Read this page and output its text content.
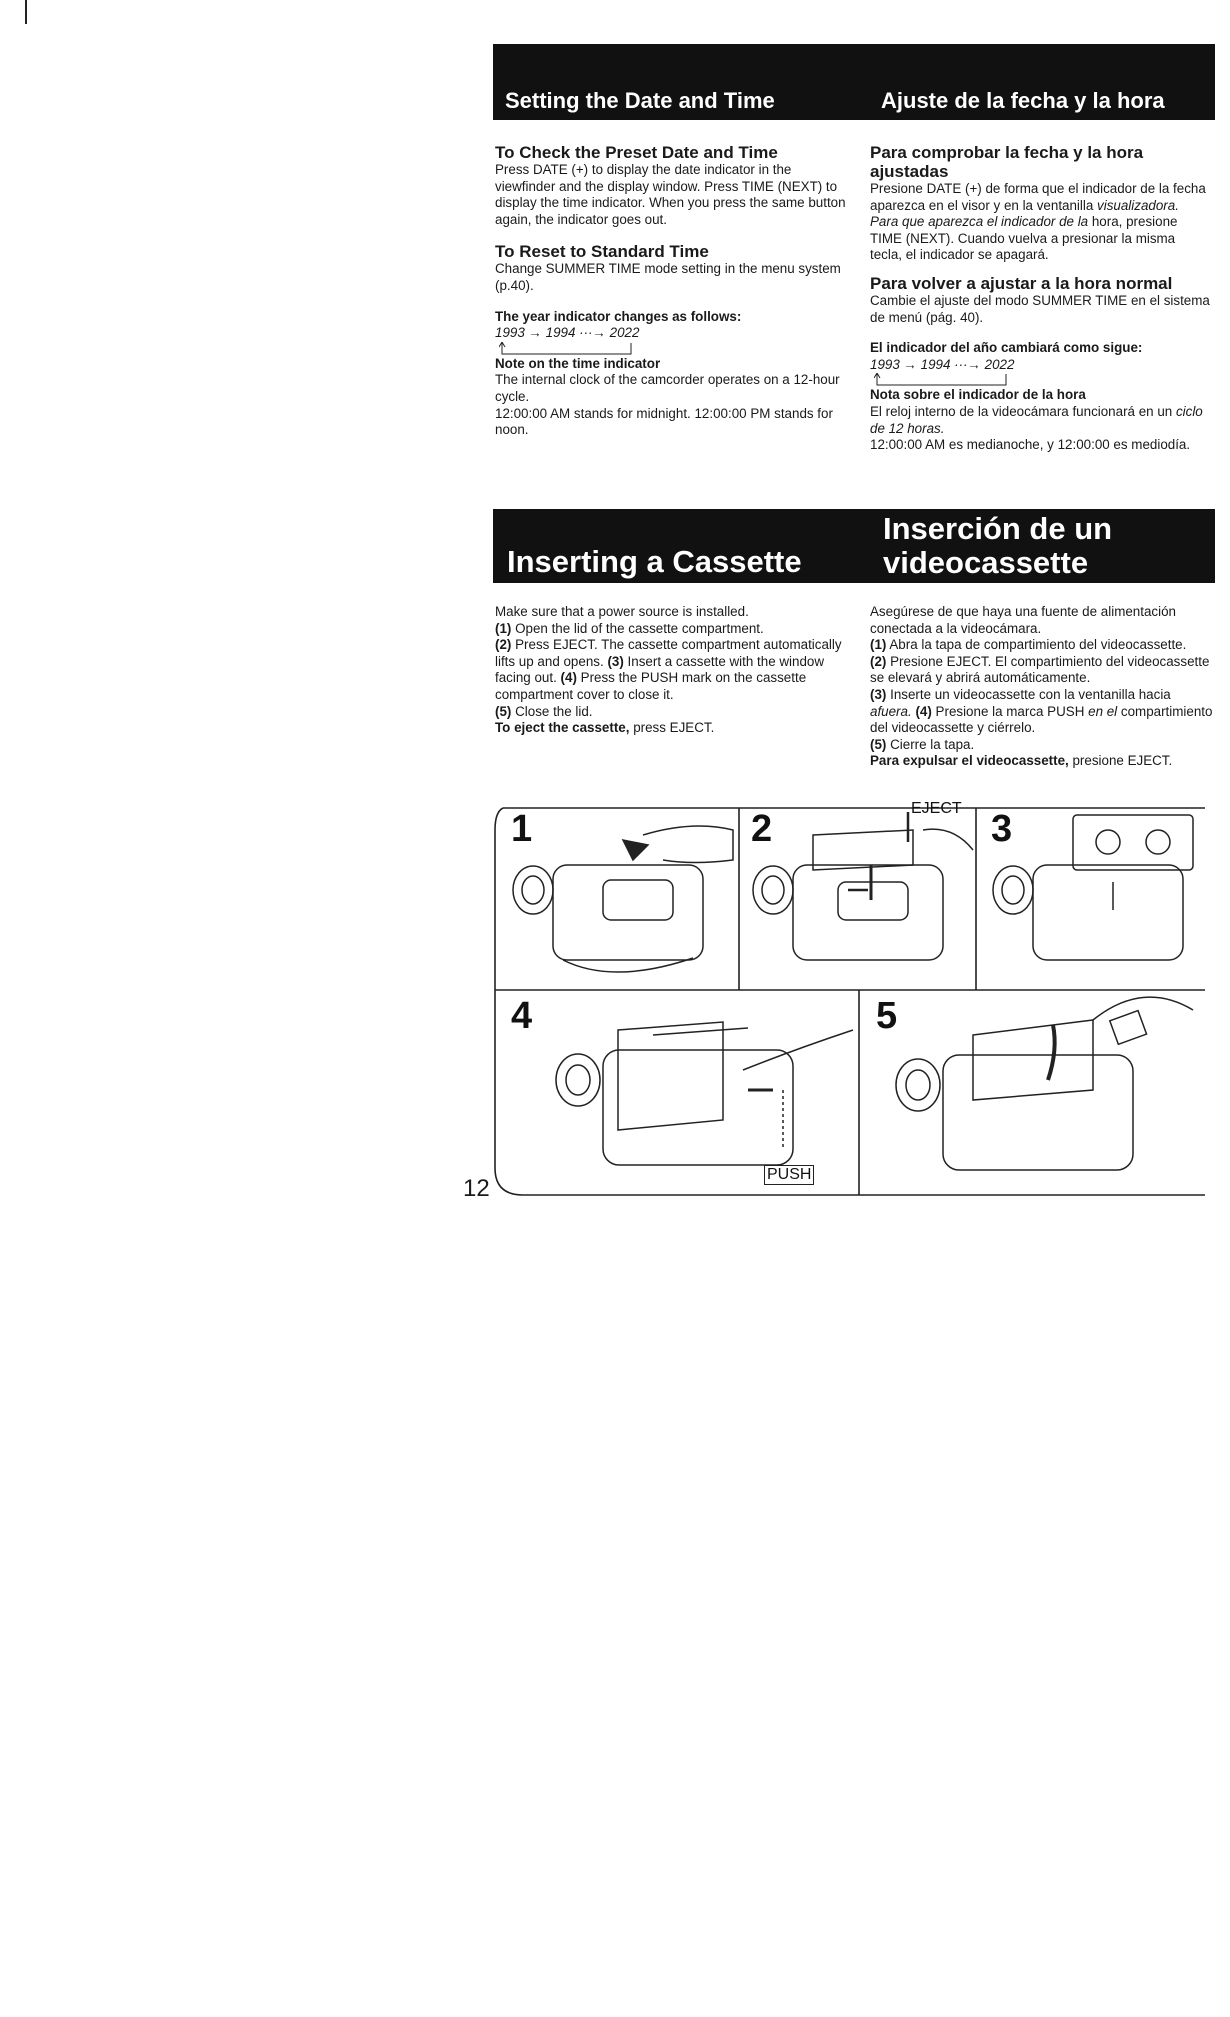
Setting the Date and Time	Ajuste de la fecha y la hora
To Check the Preset Date and Time

Press DATE (+) to display the date indicator in the viewfinder and the display window. Press TIME (NEXT) to display the time indicator. When you press the same button again, the indicator goes out.

To Reset to Standard Time

Change SUMMER TIME mode setting in the menu system (p.40).

The year indicator changes as follows:

1993 → 1994 ···→ 2022

Note on the time indicator

The internal clock of the camcorder operates on a 12-hour cycle.

12:00:00 AM stands for midnight. 12:00:00 PM stands for noon.

Para comprobar la fecha y la hora ajustadas

Presione DATE (+) de forma que el indicador de la fecha aparezca en el visor y en la ventanilla visualizadora. Para que aparezca el indicador de la hora, presione TIME (NEXT). Cuando vuelva a presionar la misma tecla, el indicador se apagará.

Para volver a ajustar a la hora normal

Cambie el ajuste del modo SUMMER TIME en el sistema de menú (pág. 40).

El indicador del año cambiará como sigue:

1993 → 1994 ···→ 2022

Nota sobre el indicador de la hora

El reloj interno de la videocámara funcionará en un ciclo de 12 horas.

12:00:00 AM es medianoche, y 12:00:00 es mediodía.

Inserting a Cassette
Inserción de un
videocassette

Make sure that a power source is installed.

(1) Open the lid of the cassette compartment.
(2) Press EJECT. The cassette compartment automatically lifts up and opens. (3) Insert a cassette with the window facing out. (4) Press the PUSH mark on the cassette compartment cover to close it.
(5) Close the lid.
To eject the cassette, press EJECT.

Asegúrese de que haya una fuente de alimentación conectada a la videocámara.

(1) Abra la tapa de compartimiento del videocassette.
(2) Presione EJECT. El compartimiento del videocassette se elevará y abrirá automáticamente.
(3) Inserte un videocassette con la ventanilla hacia afuera. (4) Presione la marca PUSH en el compartimiento del videocassette y ciérrelo.
(5) Cierre la tapa.
Para expulsar el videocassette, presione EJECT.

1	2	3
4	5
EJECT
PUSH
12
